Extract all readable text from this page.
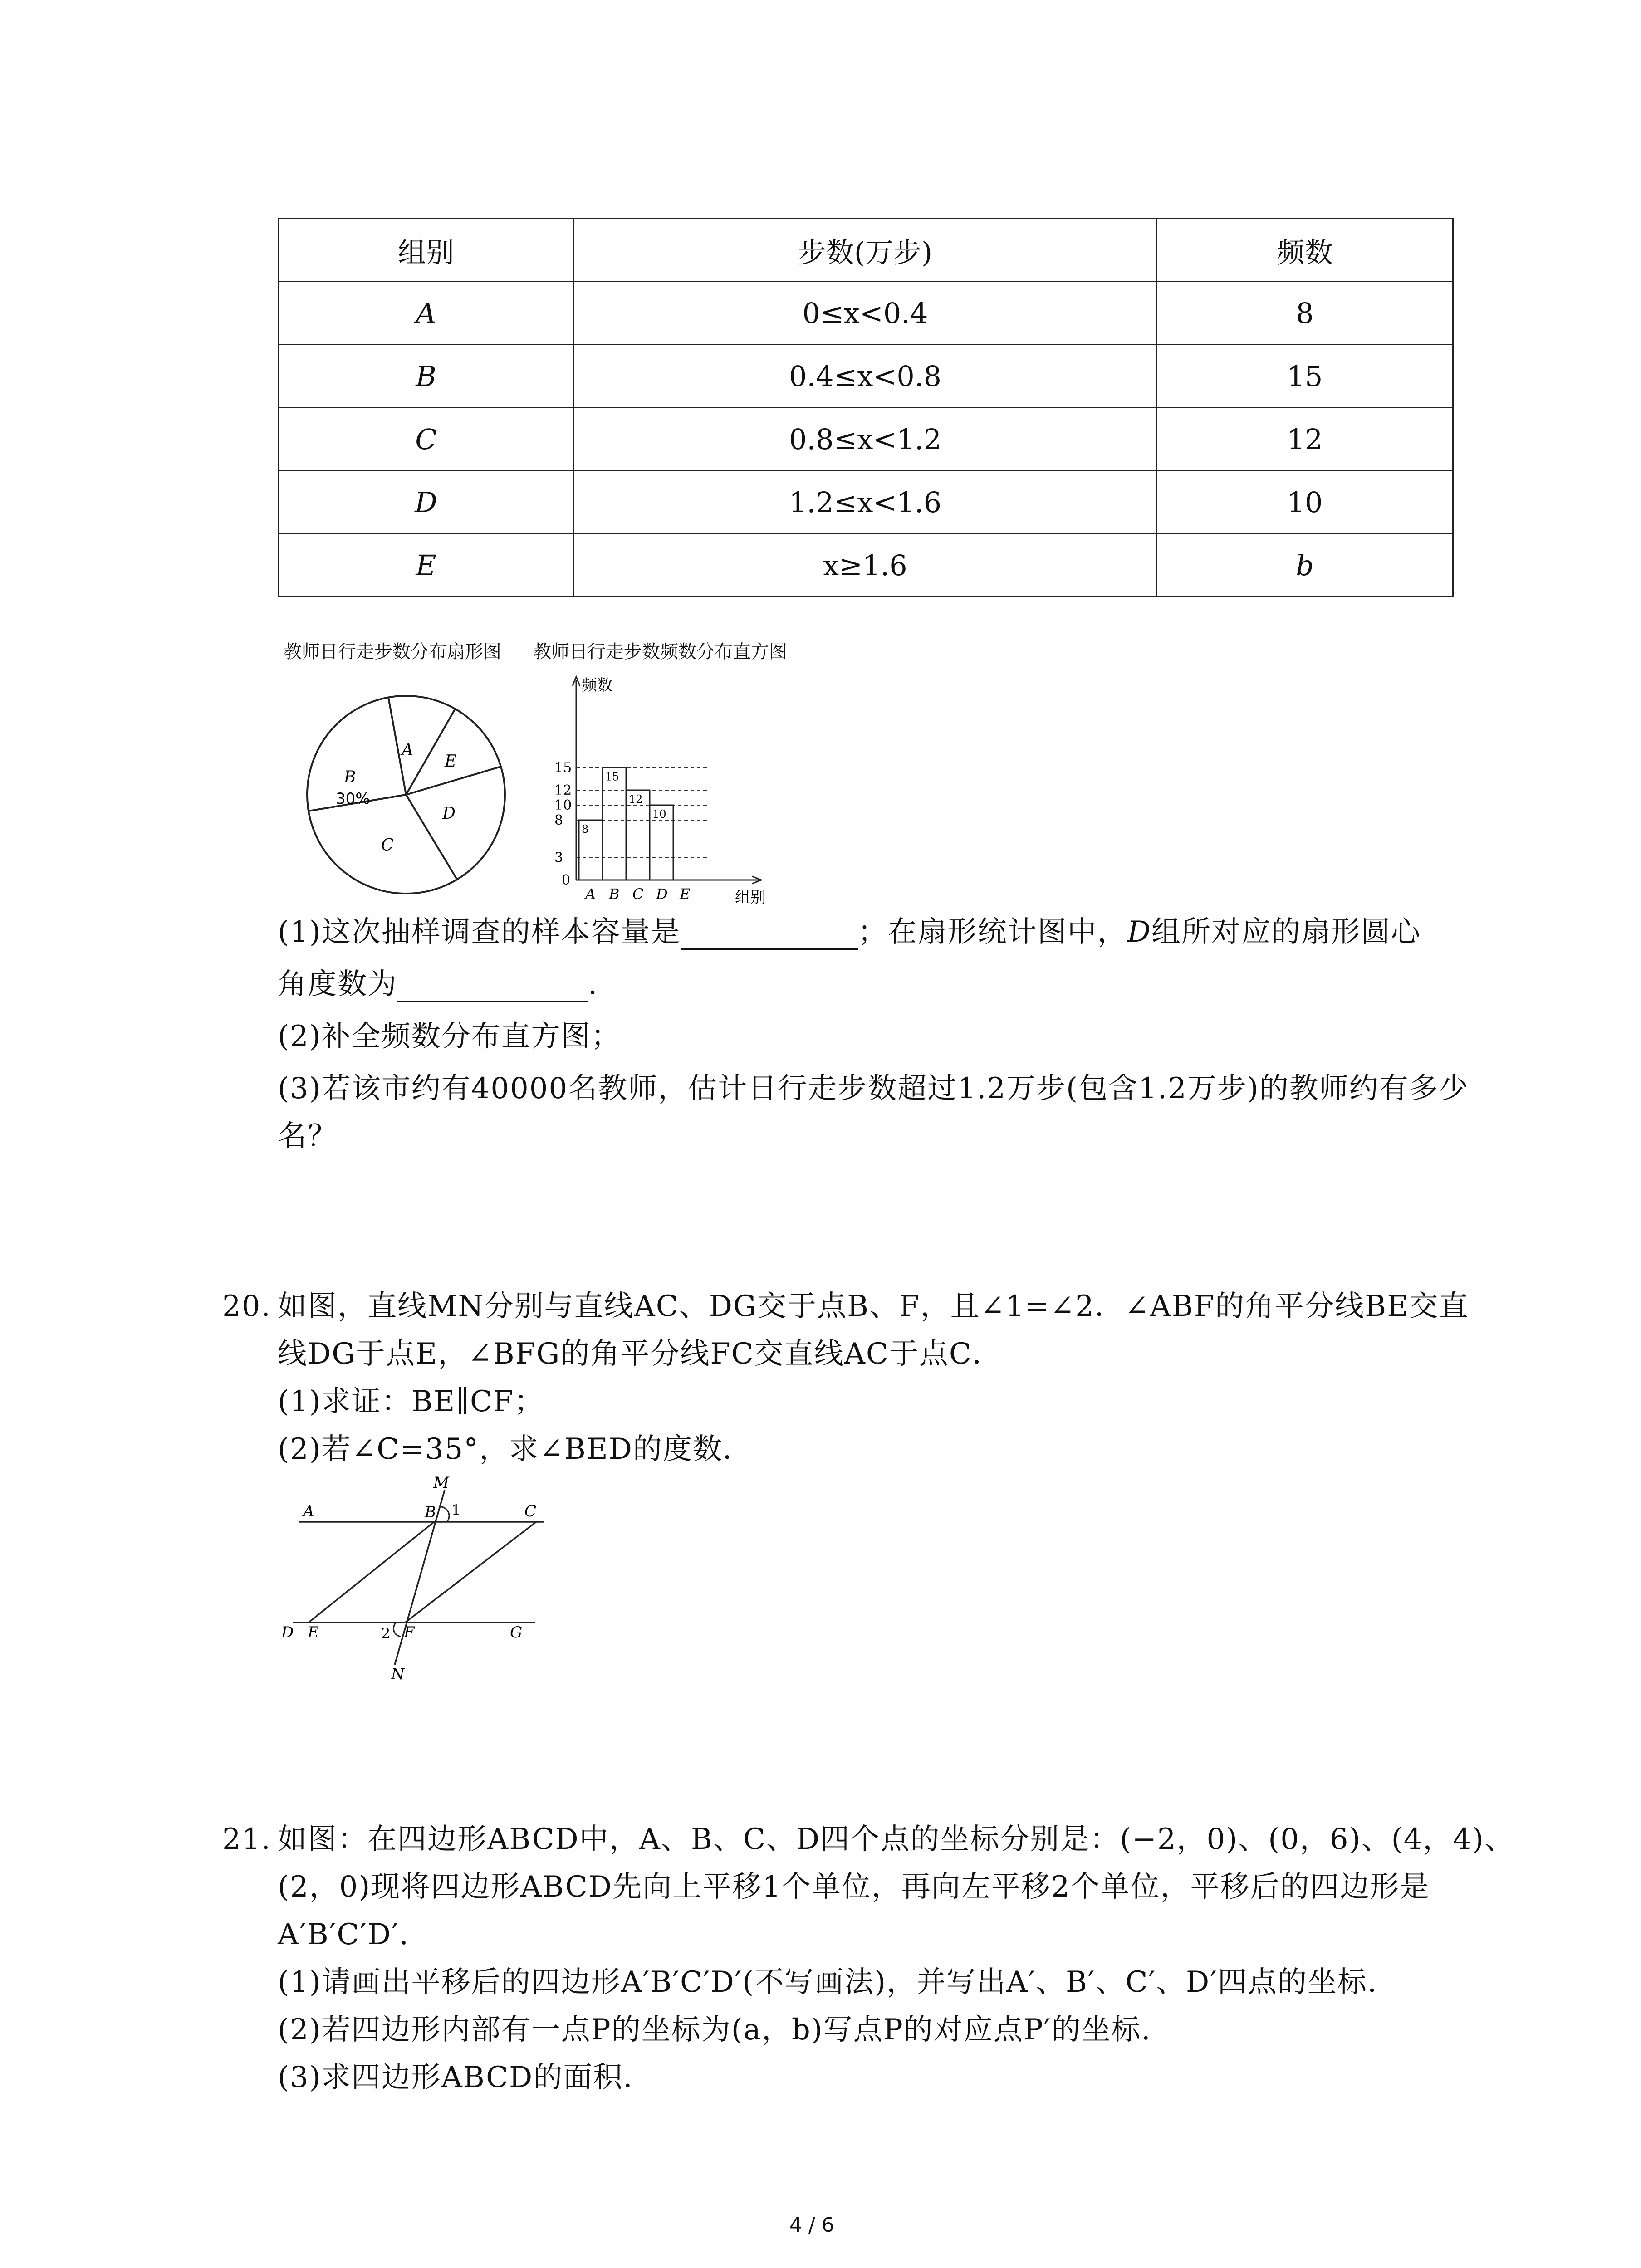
组别	步数(万步)	频数
A	0≤x<0.4	8
B	0.4≤x<0.8	15
C	0.8≤x<1.2	12
D	1.2≤x<1.6	10
E	x≥1.6	b
教师日行走步数分布扇形图 教师日行走步数频数分布直方图
A
B
30%
C
D
E
频数
组别
0
3
8
10
12
15
A
8
B
15
C
12
D
10
E
(1)这次抽样调查的样本容量是	；在扇形统计图中，D组所对应的扇形圆心
角度数为	.
(2)补全频数分布直方图；
(3)若该市约有40000名教师，估计日行走步数超过1.2万步(包含1.2万步)的教师约有多少
名？
20. 如图，直线MN分别与直线AC、DG交于点B、F，且∠1=∠2．∠ABF的角平分线BE交直
线DG于点E，∠BFG的角平分线FC交直线AC于点C．
(1)求证：BE∥CF；
(2)若∠C=35°，求∠BED的度数．
M
A	B 1	C
D E	2 F	G
N
21. 如图：在四边形ABCD中，A、B、C、D四个点的坐标分别是：(−2，0)、(0，6)、(4，4)、
(2，0)现将四边形ABCD先向上平移1个单位，再向左平移2个单位，平移后的四边形是
A′B′C′D′.
(1)请画出平移后的四边形A′B′C′D′(不写画法)，并写出A′、B′、C′、D′四点的坐标.
(2)若四边形内部有一点P的坐标为(a，b)写点P的对应点P′的坐标.
(3)求四边形ABCD的面积.
4 / 6
